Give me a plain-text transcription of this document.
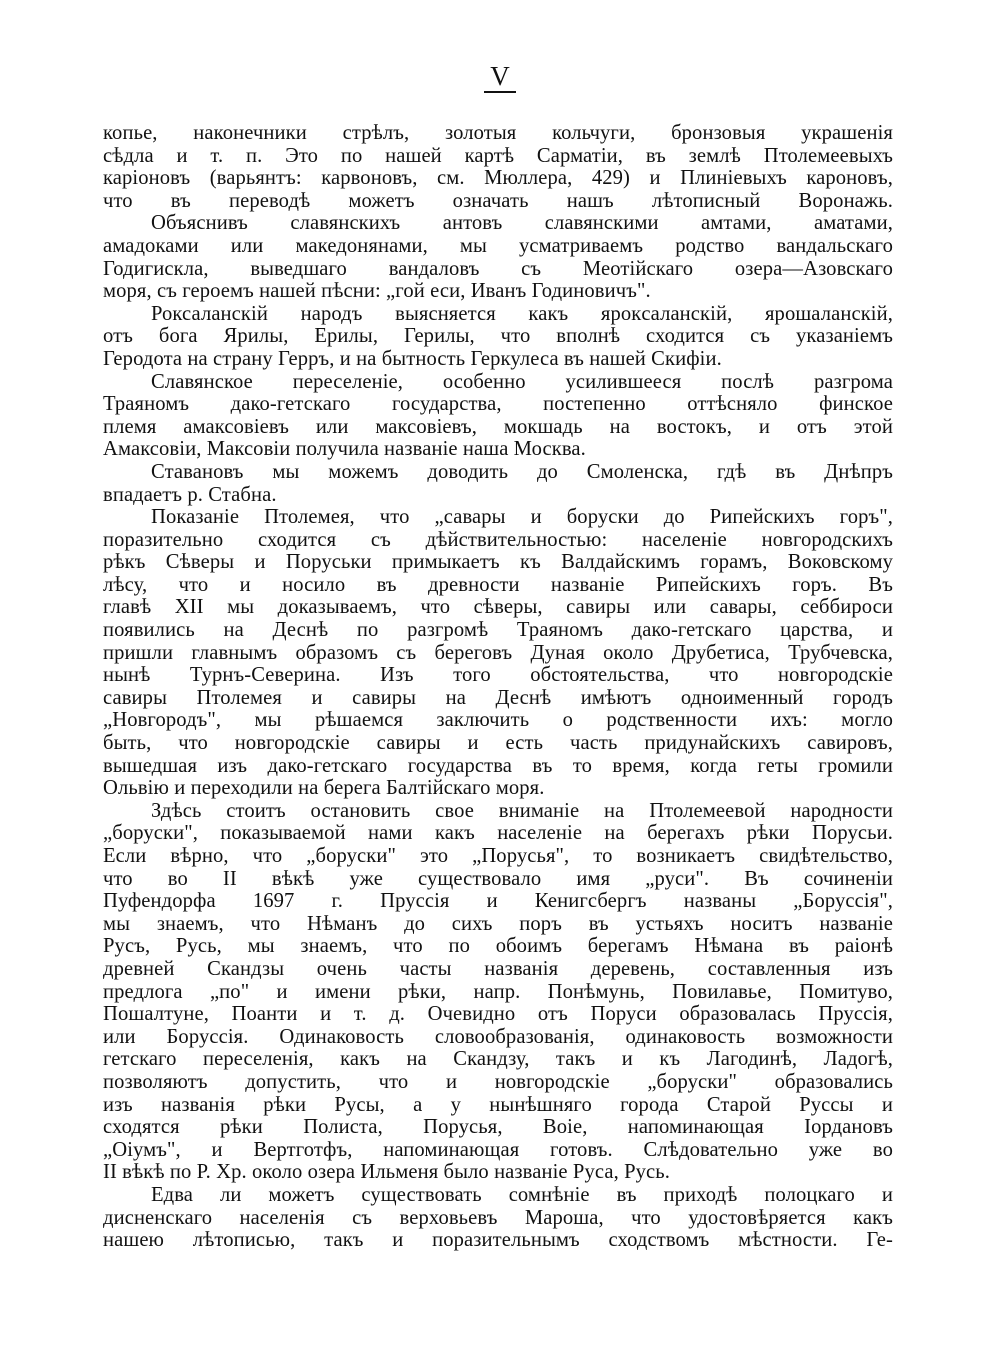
V
копье, наконечники стрѣлъ, золотыя кольчуги, бронзовыя украшенія
сѣдла и т. п. Это по нашей картѣ Сарматіи, въ землѣ Птолемеевыхъ
каріоновъ (варьянтъ: карвоновъ, см. Мюллера, 429) и Плиніевыхъ кароновъ,
что въ переводѣ можетъ означать нашъ лѣтописный Воронажь.
Объяснивъ славянскихъ антовъ славянскими амтами, аматами,
амадоками или македонянами, мы усматриваемъ родство вандальскаго
Годигискла, выведшаго вандаловъ съ Меотійскаго озера—Азовскаго
моря, съ героемъ нашей пѣсни: „гой еси, Иванъ Годиновичъ".
Роксаланскій народъ выясняется какъ ярокcаланскій, ярошаланскій,
отъ бога Ярилы, Ерилы, Герилы, что вполнѣ сходится съ указаніемъ
Геродота на страну Герръ, и на бытность Геркулеса въ нашей Скифіи.
Славянское переселеніе, особенно усилившееся послѣ разгрома
Траяномъ дако-гетскаго государства, постепенно оттѣсняло финское
племя амаксовіевъ или максовіевъ, мокшадь на востокъ, и отъ этой
Амаксовіи, Максовіи получила названіе наша Москва.
Ставановъ мы можемъ доводить до Смоленска, гдѣ въ Днѣпръ
впадаетъ р. Стабна.
Показаніе Птолемея, что „савары и боруски до Рипейскихъ горъ",
поразительно сходится съ дѣйствительностью: населеніе новгородскихъ
рѣкъ Сѣверы и Поруськи примыкаетъ къ Валдайскимъ горамъ, Воковскому
лѣсу, что и носило въ древности названіе Рипейскихъ горъ. Въ
главѣ XII мы доказываемъ, что сѣверы, савиры или савары, себбироси
появились на Деснѣ по разгромѣ Траяномъ дако-гетскаго царства, и
пришли главнымъ образомъ съ береговъ Дуная около Друбетиса, Трубчевска,
нынѣ Турнъ-Северина. Изъ того обстоятельства, что новгородскіе
савиры Птолемея и савиры на Деснѣ имѣютъ одноименный городъ
„Новгородъ", мы рѣшаемся заключить о родственности ихъ: могло
быть, что новгородскіе савиры и есть часть придунайскихъ савировъ,
вышедшая изъ дако-гетскаго государства въ то время, когда геты громили
Ольвію и переходили на берега Балтійскаго моря.
Здѣсь стоитъ остановить свое вниманіе на Птолемеевой народности
„боруски", показываемой нами какъ населеніе на берегахъ рѣки Порусьи.
Если вѣрно, что „боруски" это „Порусья", то возникаетъ свидѣтельство,
что во II вѣкѣ уже существовало имя „руси". Въ сочиненіи
Пуфендорфа 1697 г. Пруссія и Кенигсбергъ названы „Боруссія",
мы знаемъ, что Нѣманъ до сихъ поръ въ устьяхъ носитъ названіе
Русъ, Русь, мы знаемъ, что по обоимъ берегамъ Нѣмана въ раіонѣ
древней Скандзы очень часты названія деревень, составленныя изъ
предлога „по" и имени рѣки, напр. Понѣмунь, Повилавье, Помитуво,
Пошалтуне, Поанти и т. д. Очевидно отъ Поруси образовалась Пруссія,
или Боруссія. Одинаковость словообразованія, одинаковость возможности
гетскаго переселенія, какъ на Скандзу, такъ и къ Лагодинѣ, Ладогѣ,
позволяютъ допустить, что и новгородскіе „боруски" образовались
изъ названія рѣки Русы, а у нынѣшняго города Старой Руссы и
сходятся рѣки Полиста, Порусья, Воіе, напоминающая Іордановъ
„Оіумъ", и Вертготфъ, напоминающая готовъ. Слѣдовательно уже во
II вѣкѣ по Р. Хр. около озера Ильменя было названіе Руса, Русь.
Едва ли можетъ существовать сомнѣніе въ приходѣ полоцкаго и
дисненскаго населенія съ верховьевъ Мароша, что удостовѣряется какъ
нашею лѣтописью, такъ и поразительнымъ сходствомъ мѣстности. Ге-
